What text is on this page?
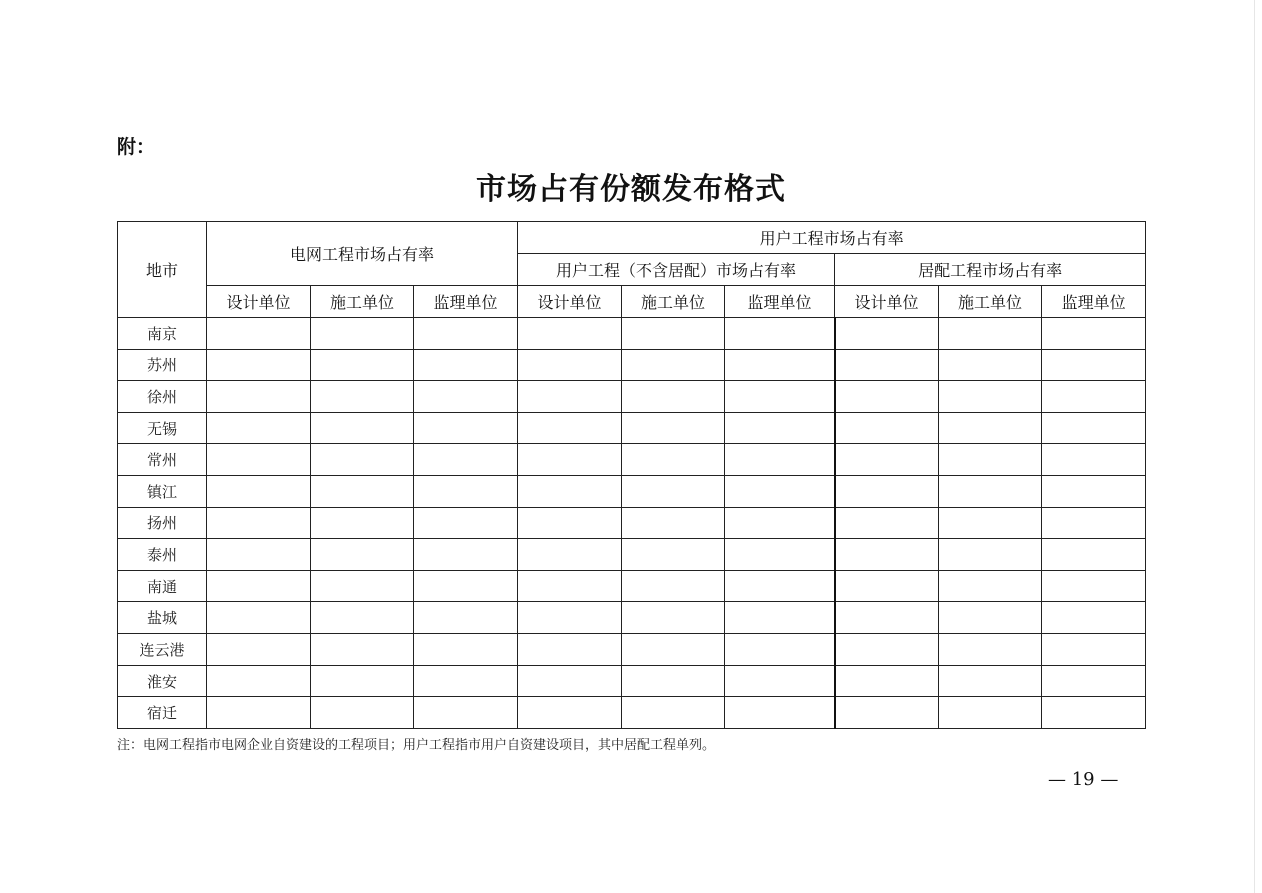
附：
市场占有份额发布格式
地市	电网工程市场占有率			用户工程市场占有率					
				用户工程（不含居配）市场占有率			居配工程市场占有率		
	设计单位	施工单位	监理单位	设计单位	施工单位	监理单位	设计单位	施工单位	监理单位
南京									
苏州									
徐州									
无锡									
常州									
镇江									
扬州									
泰州									
南通									
盐城									
连云港									
淮安									
宿迁									
注：电网工程指市电网企业自资建设的工程项目；用户工程指市用户自资建设项目，其中居配工程单列。
— 19 —
